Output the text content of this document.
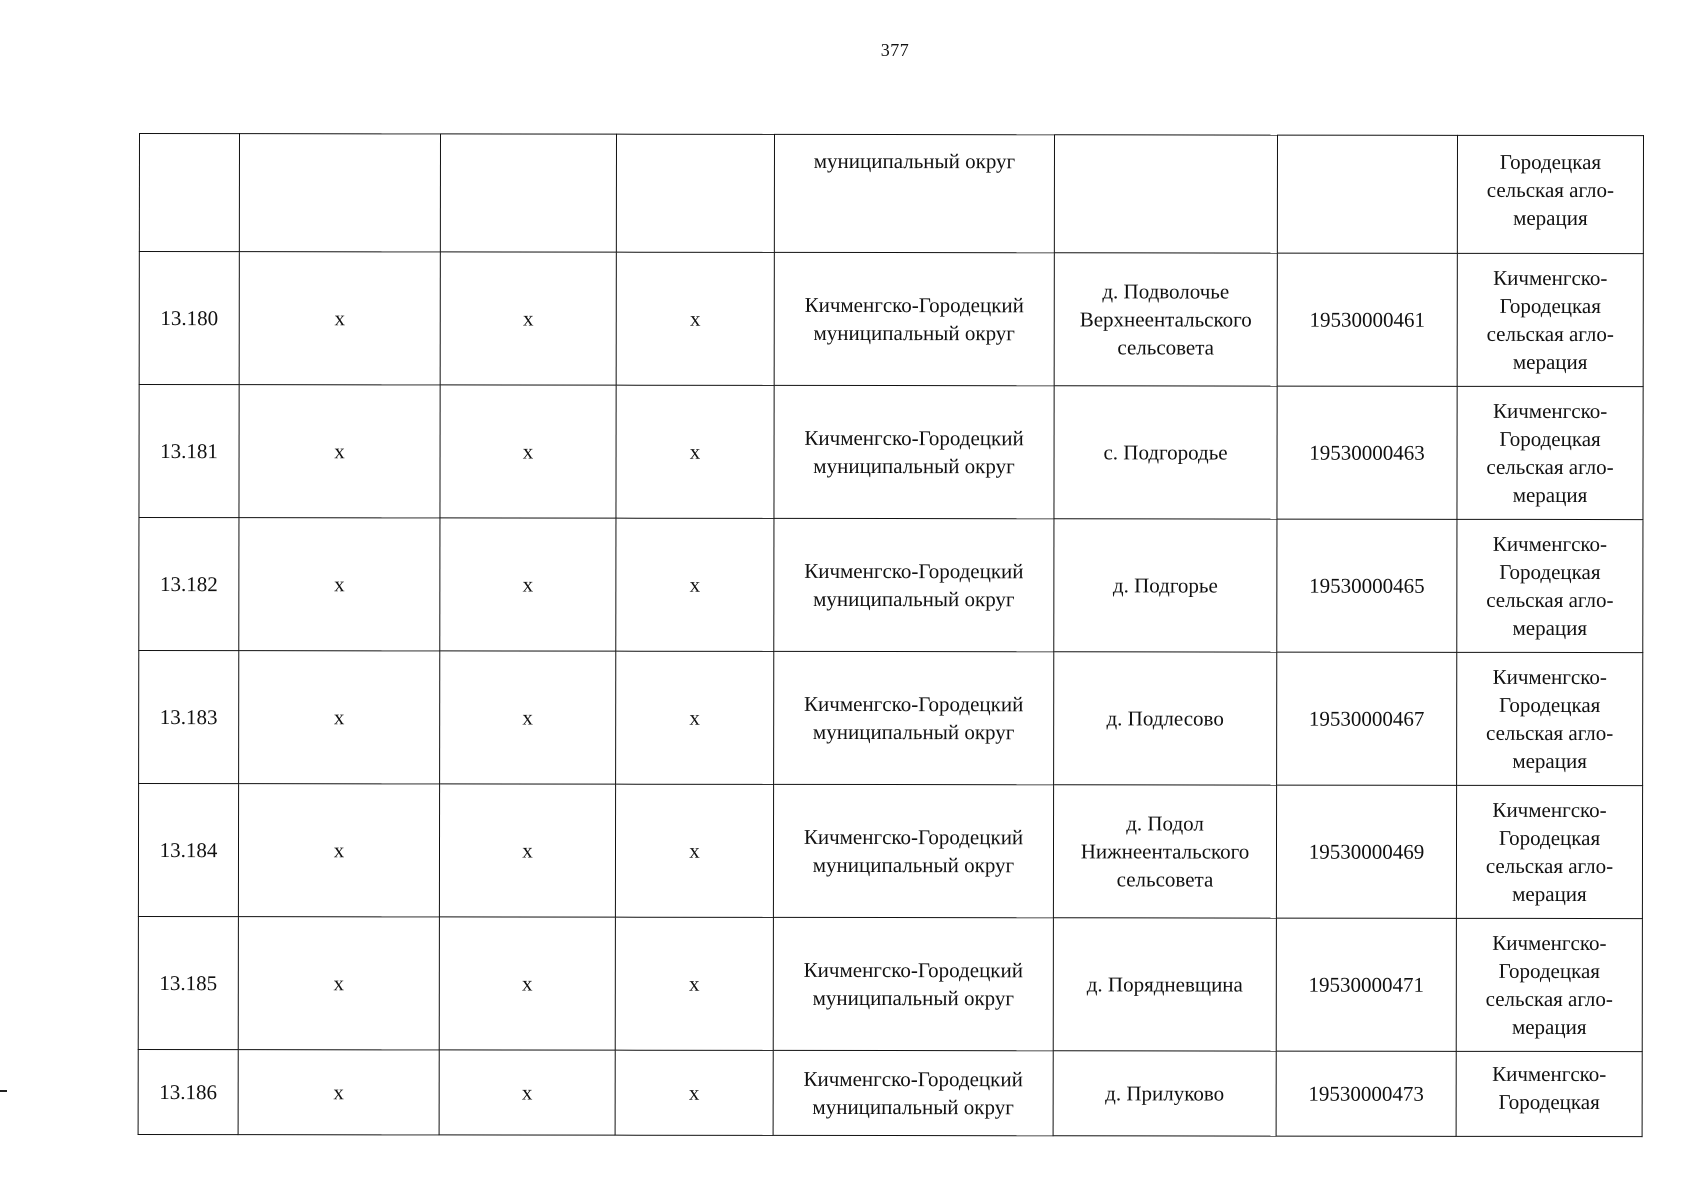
377

				муниципальный округ			Городецкая
сельская агло-
мерация

13.180	x	x	x	Кичменгско-Городецкий муниципальный округ	д. Подволочье Верхнеентальского сельсовета	19530000461	Кичменгско-
Городецкая
сельская агло-
мерация

13.181	x	x	x	Кичменгско-Городецкий муниципальный округ	с. Подгородье	19530000463	Кичменгско-
Городецкая
сельская агло-
мерация

13.182	x	x	x	Кичменгско-Городецкий муниципальный округ	д. Подгорье	19530000465	Кичменгско-
Городецкая
сельская агло-
мерация

13.183	x	x	x	Кичменгско-Городецкий муниципальный округ	д. Подлесово	19530000467	Кичменгско-
Городецкая
сельская агло-
мерация

13.184	x	x	x	Кичменгско-Городецкий муниципальный округ	д. Подол Нижнеентальского сельсовета	19530000469	Кичменгско-
Городецкая
сельская агло-
мерация

13.185	x	x	x	Кичменгско-Городецкий муниципальный округ	д. Порядневщина	19530000471	Кичменгско-
Городецкая
сельская агло-
мерация

13.186	x	x	x	Кичменгско-Городецкий муниципальный округ	д. Прилуково	19530000473	Кичменгско-
Городецкая
